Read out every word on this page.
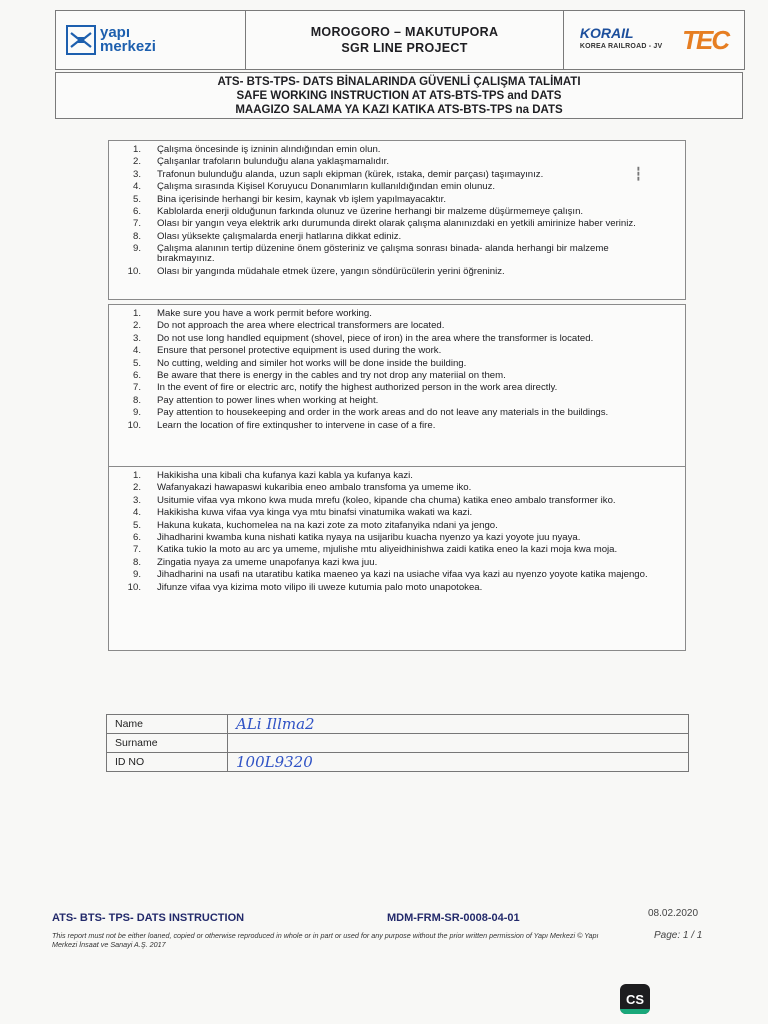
yapı
merkezi
MOROGORO – MAKUTUPORA
SGR LINE PROJECT
KORAIL
KOREA RAILROAD - JV TEC
ATS- BTS-TPS- DATS BİNALARINDA GÜVENLİ ÇALIŞMA TALİMATI
SAFE WORKING INSTRUCTION AT ATS-BTS-TPS and DATS
MAAGIZO SALAMA YA KAZI KATIKA ATS-BTS-TPS na DATS
1.	Çalışma öncesinde iş izninin alındığından emin olun.
2.	Çalışanlar trafoların bulunduğu alana yaklaşmamalıdır.
3.	Trafonun bulunduğu alanda, uzun saplı ekipman (kürek, ıstaka, demir parçası) taşımayınız.
4.	Çalışma sırasında Kişisel Koruyucu Donanımların kullanıldığından emin olunuz.
5.	Bina içerisinde herhangi bir kesim, kaynak vb işlem yapılmayacaktır.
6.	Kablolarda enerji olduğunun farkında olunuz ve üzerine herhangi bir malzeme düşürmemeye çalışın.
7.	Olası bir yangın veya elektrik arkı durumunda direkt olarak çalışma alanınızdaki en yetkili amirinize haber veriniz.
8.	Olası yüksekte çalışmalarda enerji hatlarına dikkat ediniz.
9.	Çalışma alanının tertip düzenine önem gösteriniz ve çalışma sonrası binada- alanda herhangi bir malzeme bırakmayınız.
10.	Olası bir yangında müdahale etmek üzere, yangın söndürücülerin yerini öğreniniz.
▮
▮
▮
1.	Make sure you have a work permit before working.
2.	Do not approach the area where electrical transformers are located.
3.	Do not use long handled equipment (shovel, piece of iron) in the area where the transformer is located.
4.	Ensure that personel protective equipment is used during the work.
5.	No cutting, welding and similer hot works will be done inside the building.
6.	Be aware that there is energy in the cables and try not drop any materiial on them.
7.	In the event of fire or electric arc, notify the highest authorized person in the work area directly.
8.	Pay attention to power lines when working at height.
9.	Pay attention to housekeeping and order in the work areas and do not leave any materials in the buildings.
10.	Learn the location of fire extinqusher to intervene in case of a fire.
1.	Hakikisha una kibali cha kufanya kazi kabla ya kufanya kazi.
2.	Wafanyakazi hawapaswi kukaribia eneo ambalo transfoma ya umeme iko.
3.	Usitumie vifaa vya mkono kwa muda mrefu (koleo, kipande cha chuma) katika eneo ambalo transformer iko.
4.	Hakikisha kuwa vifaa vya kinga vya mtu binafsi vinatumika wakati wa kazi.
5.	Hakuna kukata, kuchomelea na na kazi zote za moto zitafanyika ndani ya jengo.
6.	Jihadharini kwamba kuna nishati katika nyaya na usijaribu kuacha nyenzo ya kazi yoyote juu nyaya.
7.	Katika tukio la moto au arc ya umeme, mjulishe mtu aliyeidhinishwa zaidi katika eneo la kazi moja kwa moja.
8.	Zingatia nyaya za umeme unapofanya kazi kwa juu.
9.	Jihadharini na usafi na utaratibu katika maeneo ya kazi na usiache vifaa vya kazi au nyenzo yoyote katika majengo.
10.	Jifunze vifaa vya kizima moto vilipo ili uweze kutumia palo moto unapotokea.
Name	ALi Illma2
Surname	
ID NO	100L9320
ATS- BTS- TPS- DATS INSTRUCTION	MDM-FRM-SR-0008-04-01	08.02.2020
Page: 1 / 1
This report must not be either loaned, copied or otherwise reproduced in whole or in part or used for any purpose without the prior written permission of Yapı Merkezi © Yapı Merkezi İnsaat ve Sanayi A.Ş. 2017
CS
